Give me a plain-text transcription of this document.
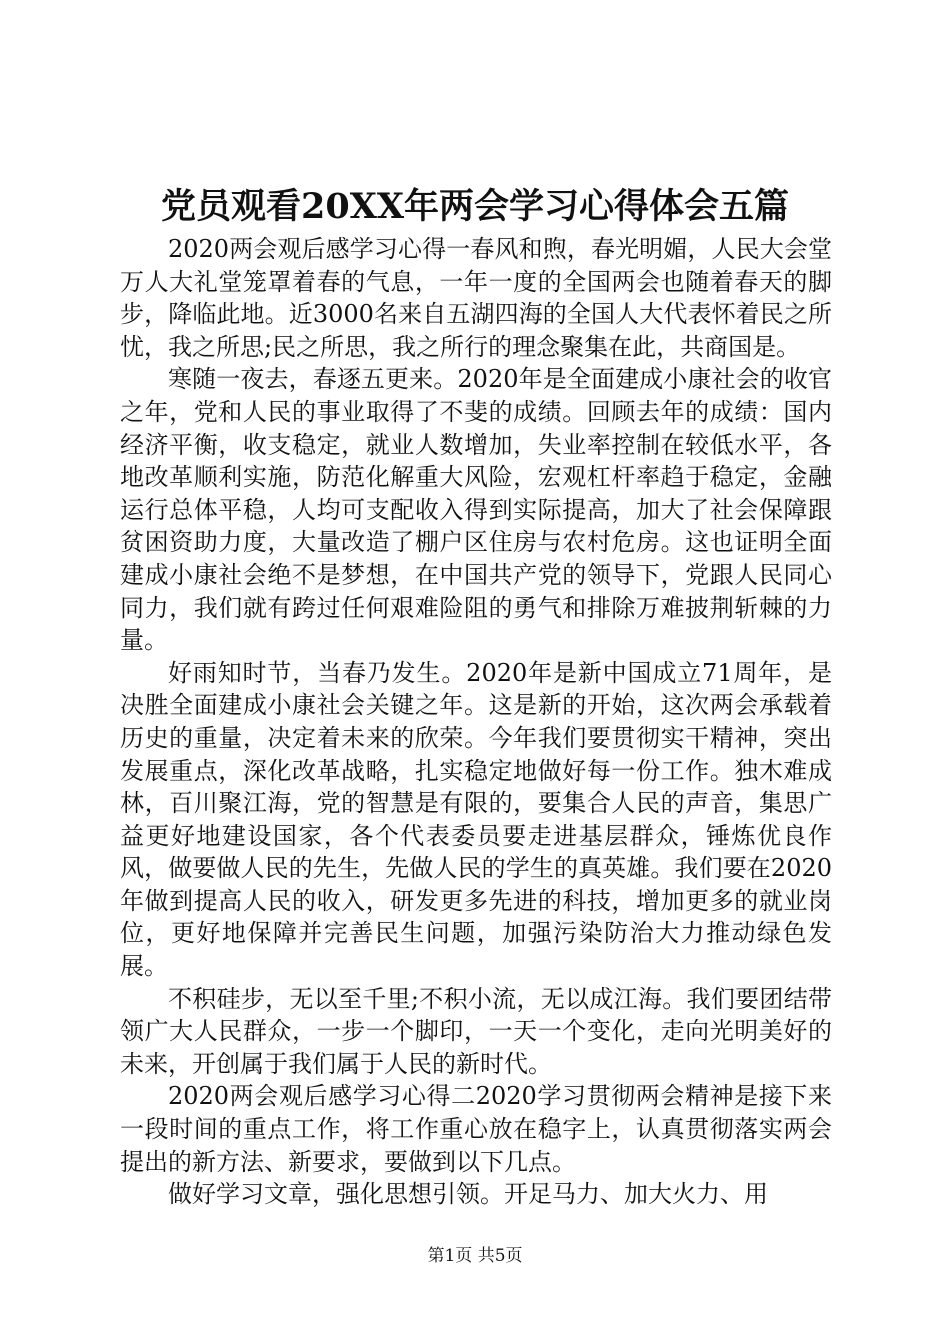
党员观看20XX年两会学习心得体会五篇

2020两会观后感学习心得一春风和煦，春光明媚，人民大会堂万人大礼堂笼罩着春的气息，一年一度的全国两会也随着春天的脚步，降临此地。近3000名来自五湖四海的全国人大代表怀着民之所忧，我之所思;民之所思，我之所行的理念聚集在此，共商国是。

寒随一夜去，春逐五更来。2020年是全面建成小康社会的收官之年，党和人民的事业取得了不斐的成绩。回顾去年的成绩：国内经济平衡，收支稳定，就业人数增加，失业率控制在较低水平，各地改革顺利实施，防范化解重大风险，宏观杠杆率趋于稳定，金融运行总体平稳，人均可支配收入得到实际提高，加大了社会保障跟贫困资助力度，大量改造了棚户区住房与农村危房。这也证明全面建成小康社会绝不是梦想，在中国共产党的领导下，党跟人民同心同力，我们就有跨过任何艰难险阻的勇气和排除万难披荆斩棘的力量。

好雨知时节，当春乃发生。2020年是新中国成立71周年，是决胜全面建成小康社会关键之年。这是新的开始，这次两会承载着历史的重量，决定着未来的欣荣。今年我们要贯彻实干精神，突出发展重点，深化改革战略，扎实稳定地做好每一份工作。独木难成林，百川聚江海，党的智慧是有限的，要集合人民的声音，集思广益更好地建设国家，各个代表委员要走进基层群众，锤炼优良作风，做要做人民的先生，先做人民的学生的真英雄。我们要在2020年做到提高人民的收入，研发更多先进的科技，增加更多的就业岗位，更好地保障并完善民生问题，加强污染防治大力推动绿色发展。

不积硅步，无以至千里;不积小流，无以成江海。我们要团结带领广大人民群众，一步一个脚印，一天一个变化，走向光明美好的未来，开创属于我们属于人民的新时代。

2020两会观后感学习心得二2020学习贯彻两会精神是接下来一段时间的重点工作，将工作重心放在稳字上，认真贯彻落实两会提出的新方法、新要求，要做到以下几点。

做好学习文章，强化思想引领。开足马力、加大火力、用

第1页 共5页
